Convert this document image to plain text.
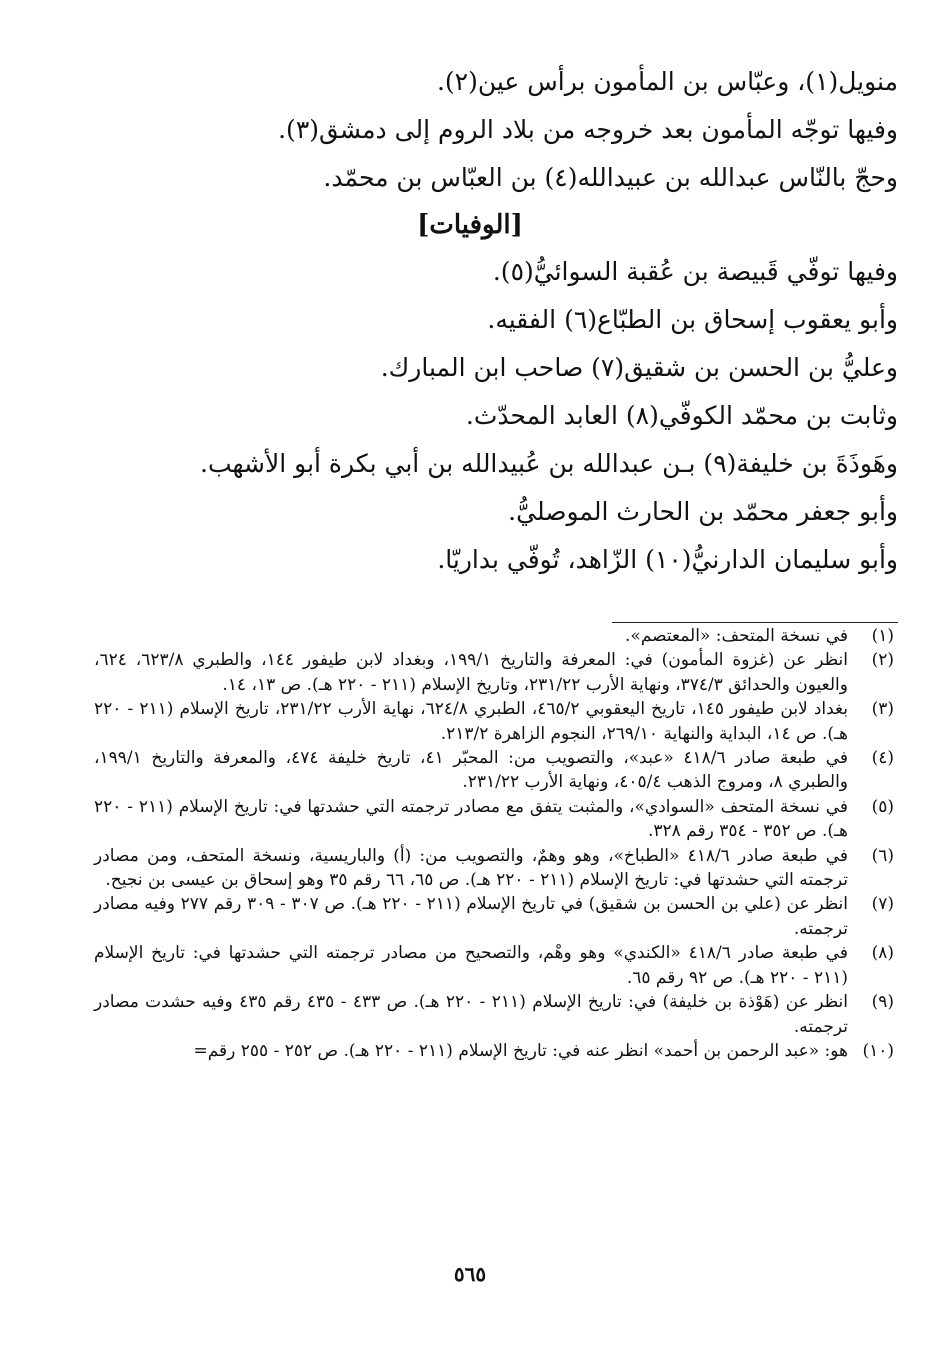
منويل(١)، وعبّاس بن المأمون برأس عين(٢).

وفيها توجّه المأمون بعد خروجه من بلاد الروم إلى دمشق(٣).

وحجّ بالنّاس عبدالله بن عبيدالله(٤) بن العبّاس بن محمّد.

[الوفيات]

وفيها توفّي قَبيصة بن عُقبة السوائيُّ(٥).

وأبو يعقوب إسحاق بن الطبّاع(٦) الفقيه.

وعليُّ بن الحسن بن شقيق(٧) صاحب ابن المبارك.

وثابت بن محمّد الكوفّي(٨) العابد المحدّث.

وهَوذَةَ بن خليفة(٩) بـن عبدالله بن عُبيدالله بن أبي بكرة أبو الأشهب.

وأبو جعفر محمّد بن الحارث الموصليُّ.

وأبو سليمان الدارنيُّ(١٠) الزّاهد، تُوفّي بداريّا.

(١)
في نسخة المتحف: «المعتصم».
(٢)
انظر عن (غزوة المأمون) في: المعرفة والتاريخ ١٩٩/١، وبغداد لابن طيفور ١٤٤، والطبري ٦٢٣/٨، ٦٢٤، والعيون والحدائق ٣٧٤/٣، ونهاية الأرب ٢٣١/٢٢، وتاريخ الإسلام (٢١١ - ٢٢٠ هـ). ص ١٣، ١٤.
(٣)
بغداد لابن طيفور ١٤٥، تاريخ اليعقوبي ٤٦٥/٢، الطبري ٦٢٤/٨، نهاية الأرب ٢٣١/٢٢، تاريخ الإسلام (٢١١ - ٢٢٠ هـ). ص ١٤، البداية والنهاية ٢٦٩/١٠، النجوم الزاهرة ٢١٣/٢.
(٤)
في طبعة صادر ٤١٨/٦ «عبد»، والتصويب من: المحبّر ٤١، تاريخ خليفة ٤٧٤، والمعرفة والتاريخ ١٩٩/١، والطبري ٨، ومروج الذهب ٤٠٥/٤، ونهاية الأرب ٢٣١/٢٢.
(٥)
في نسخة المتحف «السوادي»، والمثبت يتفق مع مصادر ترجمته التي حشدتها في: تاريخ الإسلام (٢١١ - ٢٢٠ هـ). ص ٣٥٢ - ٣٥٤ رقم ٣٢٨.
(٦)
في طبعة صادر ٤١٨/٦ «الطباخ»، وهو وهمٌ، والتصويب من: (أ) والباريسية، ونسخة المتحف، ومن مصادر ترجمته التي حشدتها في: تاريخ الإسلام (٢١١ - ٢٢٠ هـ). ص ٦٥، ٦٦ رقم ٣٥ وهو إسحاق بن عيسى بن نجيح.
(٧)
انظر عن (علي بن الحسن بن شقيق) في تاريخ الإسلام (٢١١ - ٢٢٠ هـ). ص ٣٠٧ - ٣٠٩ رقم ٢٧٧ وفيه مصادر ترجمته.
(٨)
في طبعة صادر ٤١٨/٦ «الكندي» وهو وهْم، والتصحيح من مصادر ترجمته التي حشدتها في: تاريخ الإسلام (٢١١ - ٢٢٠ هـ). ص ٩٢ رقم ٦٥.
(٩)
انظر عن (هَوْذة بن خليفة) في: تاريخ الإسلام (٢١١ - ٢٢٠ هـ). ص ٤٣٣ - ٤٣٥ رقم ٤٣٥ وفيه حشدت مصادر ترجمته.
(١٠)
هو: «عبد الرحمن بن أحمد» انظر عنه في: تاريخ الإسلام (٢١١ - ٢٢٠ هـ). ص ٢٥٢ - ٢٥٥ رقم=
٥٦٥
